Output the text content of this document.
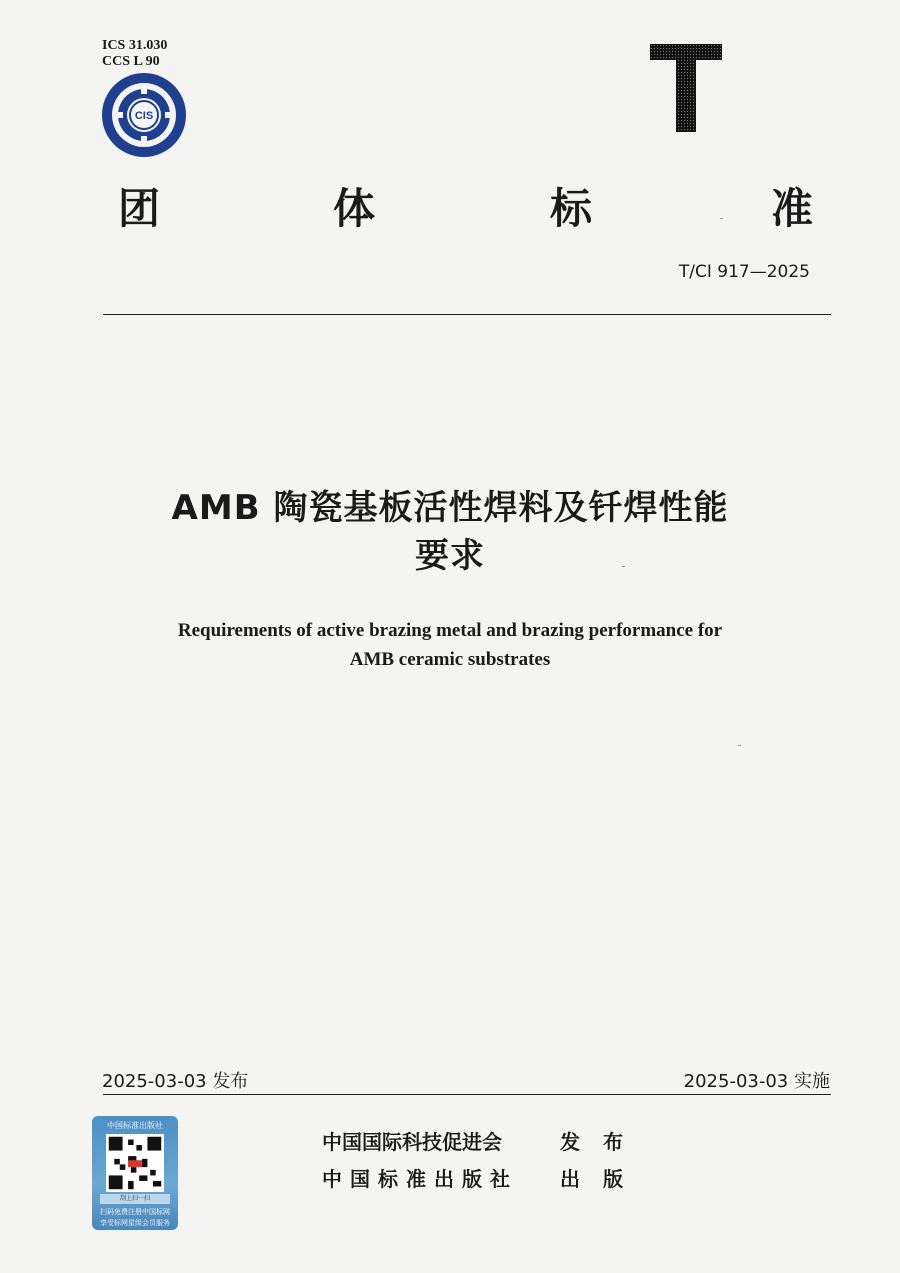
ICS 31.030
CCS L 90
CIS
团	体	标	准
T/CI 917—2025
AMB 陶瓷基板活性焊料及钎焊性能
要求
Requirements of active brazing metal and brazing performance for
AMB ceramic substrates
2025-03-03 发布	2025-03-03 实施
中国标准出版社
刮上扫一扫
扫码免费注册中国标网
享受标网星级会员服务
中国国际科技促进会	发 布
中国标准出版社 出 版
